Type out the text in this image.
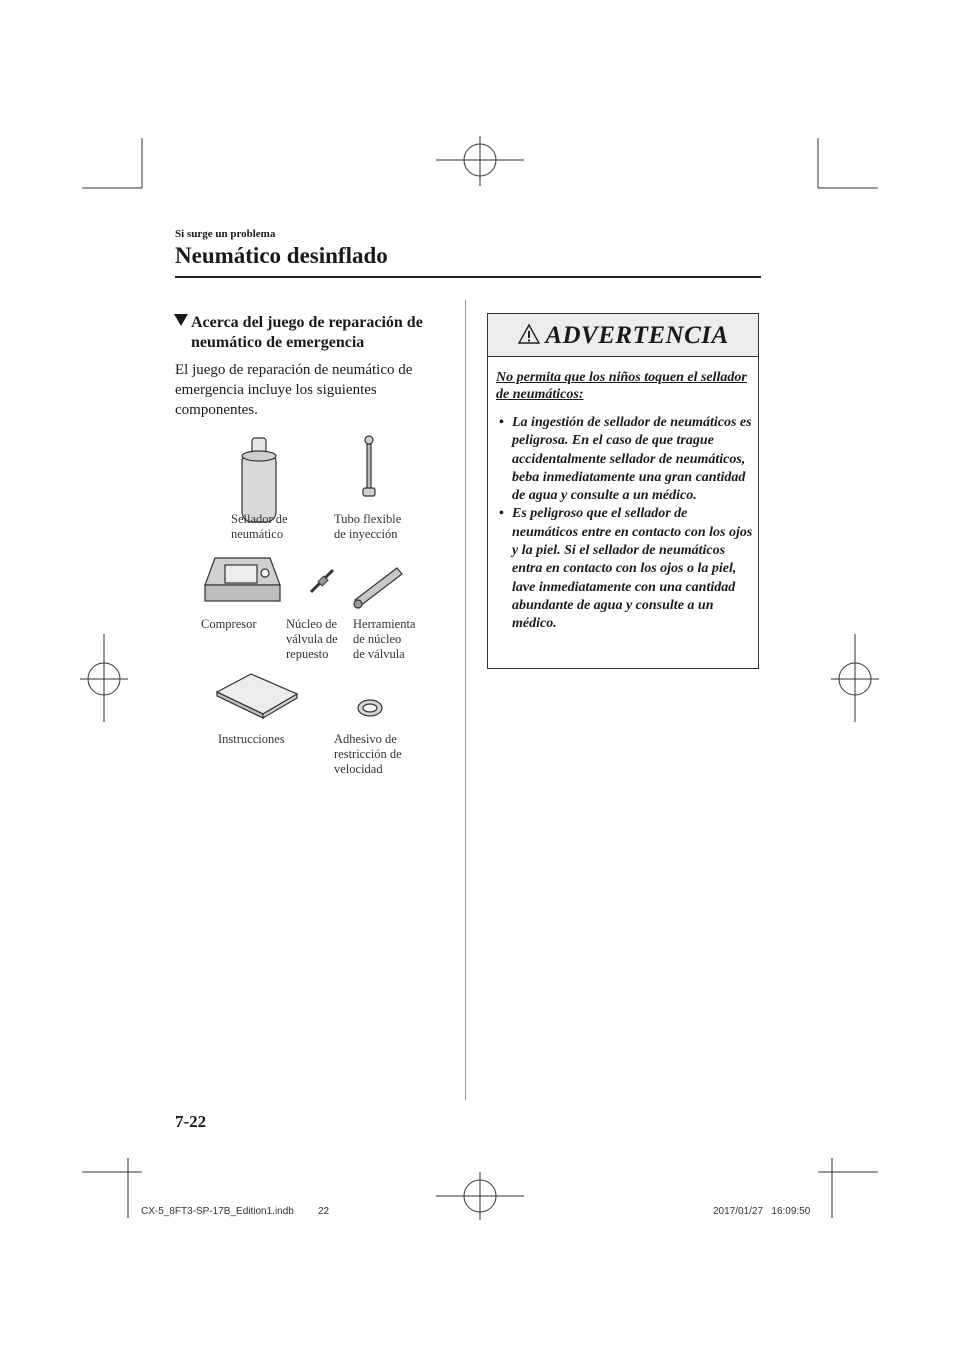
Si surge un problema
Neumático desinflado
Acerca del juego de reparación de
neumático de emergencia
El juego de reparación de neumático de emergencia incluye los siguientes componentes.
Sellador de
neumático
Tubo flexible
de inyección
Compresor Núcleo de
válvula de
repuesto
Herramienta
de núcleo
de válvula
Instrucciones	Adhesivo de
restricción de
velocidad
ADVERTENCIA
No permita que los niños toquen el sellador de neumáticos:
• La ingestión de sellador de neumáticos es peligrosa. En el caso de que trague accidentalmente sellador de neumáticos, beba inmediatamente una gran cantidad de agua y consulte a un médico.
• Es peligroso que el sellador de neumáticos entre en contacto con los ojos y la piel. Si el sellador de neumáticos entra en contacto con los ojos o la piel, lave inmediatamente con una cantidad abundante de agua y consulte a un médico.
7-22
CX-5_8FT3-SP-17B_Edition1.indb 22	2017/01/27   16:09:50
